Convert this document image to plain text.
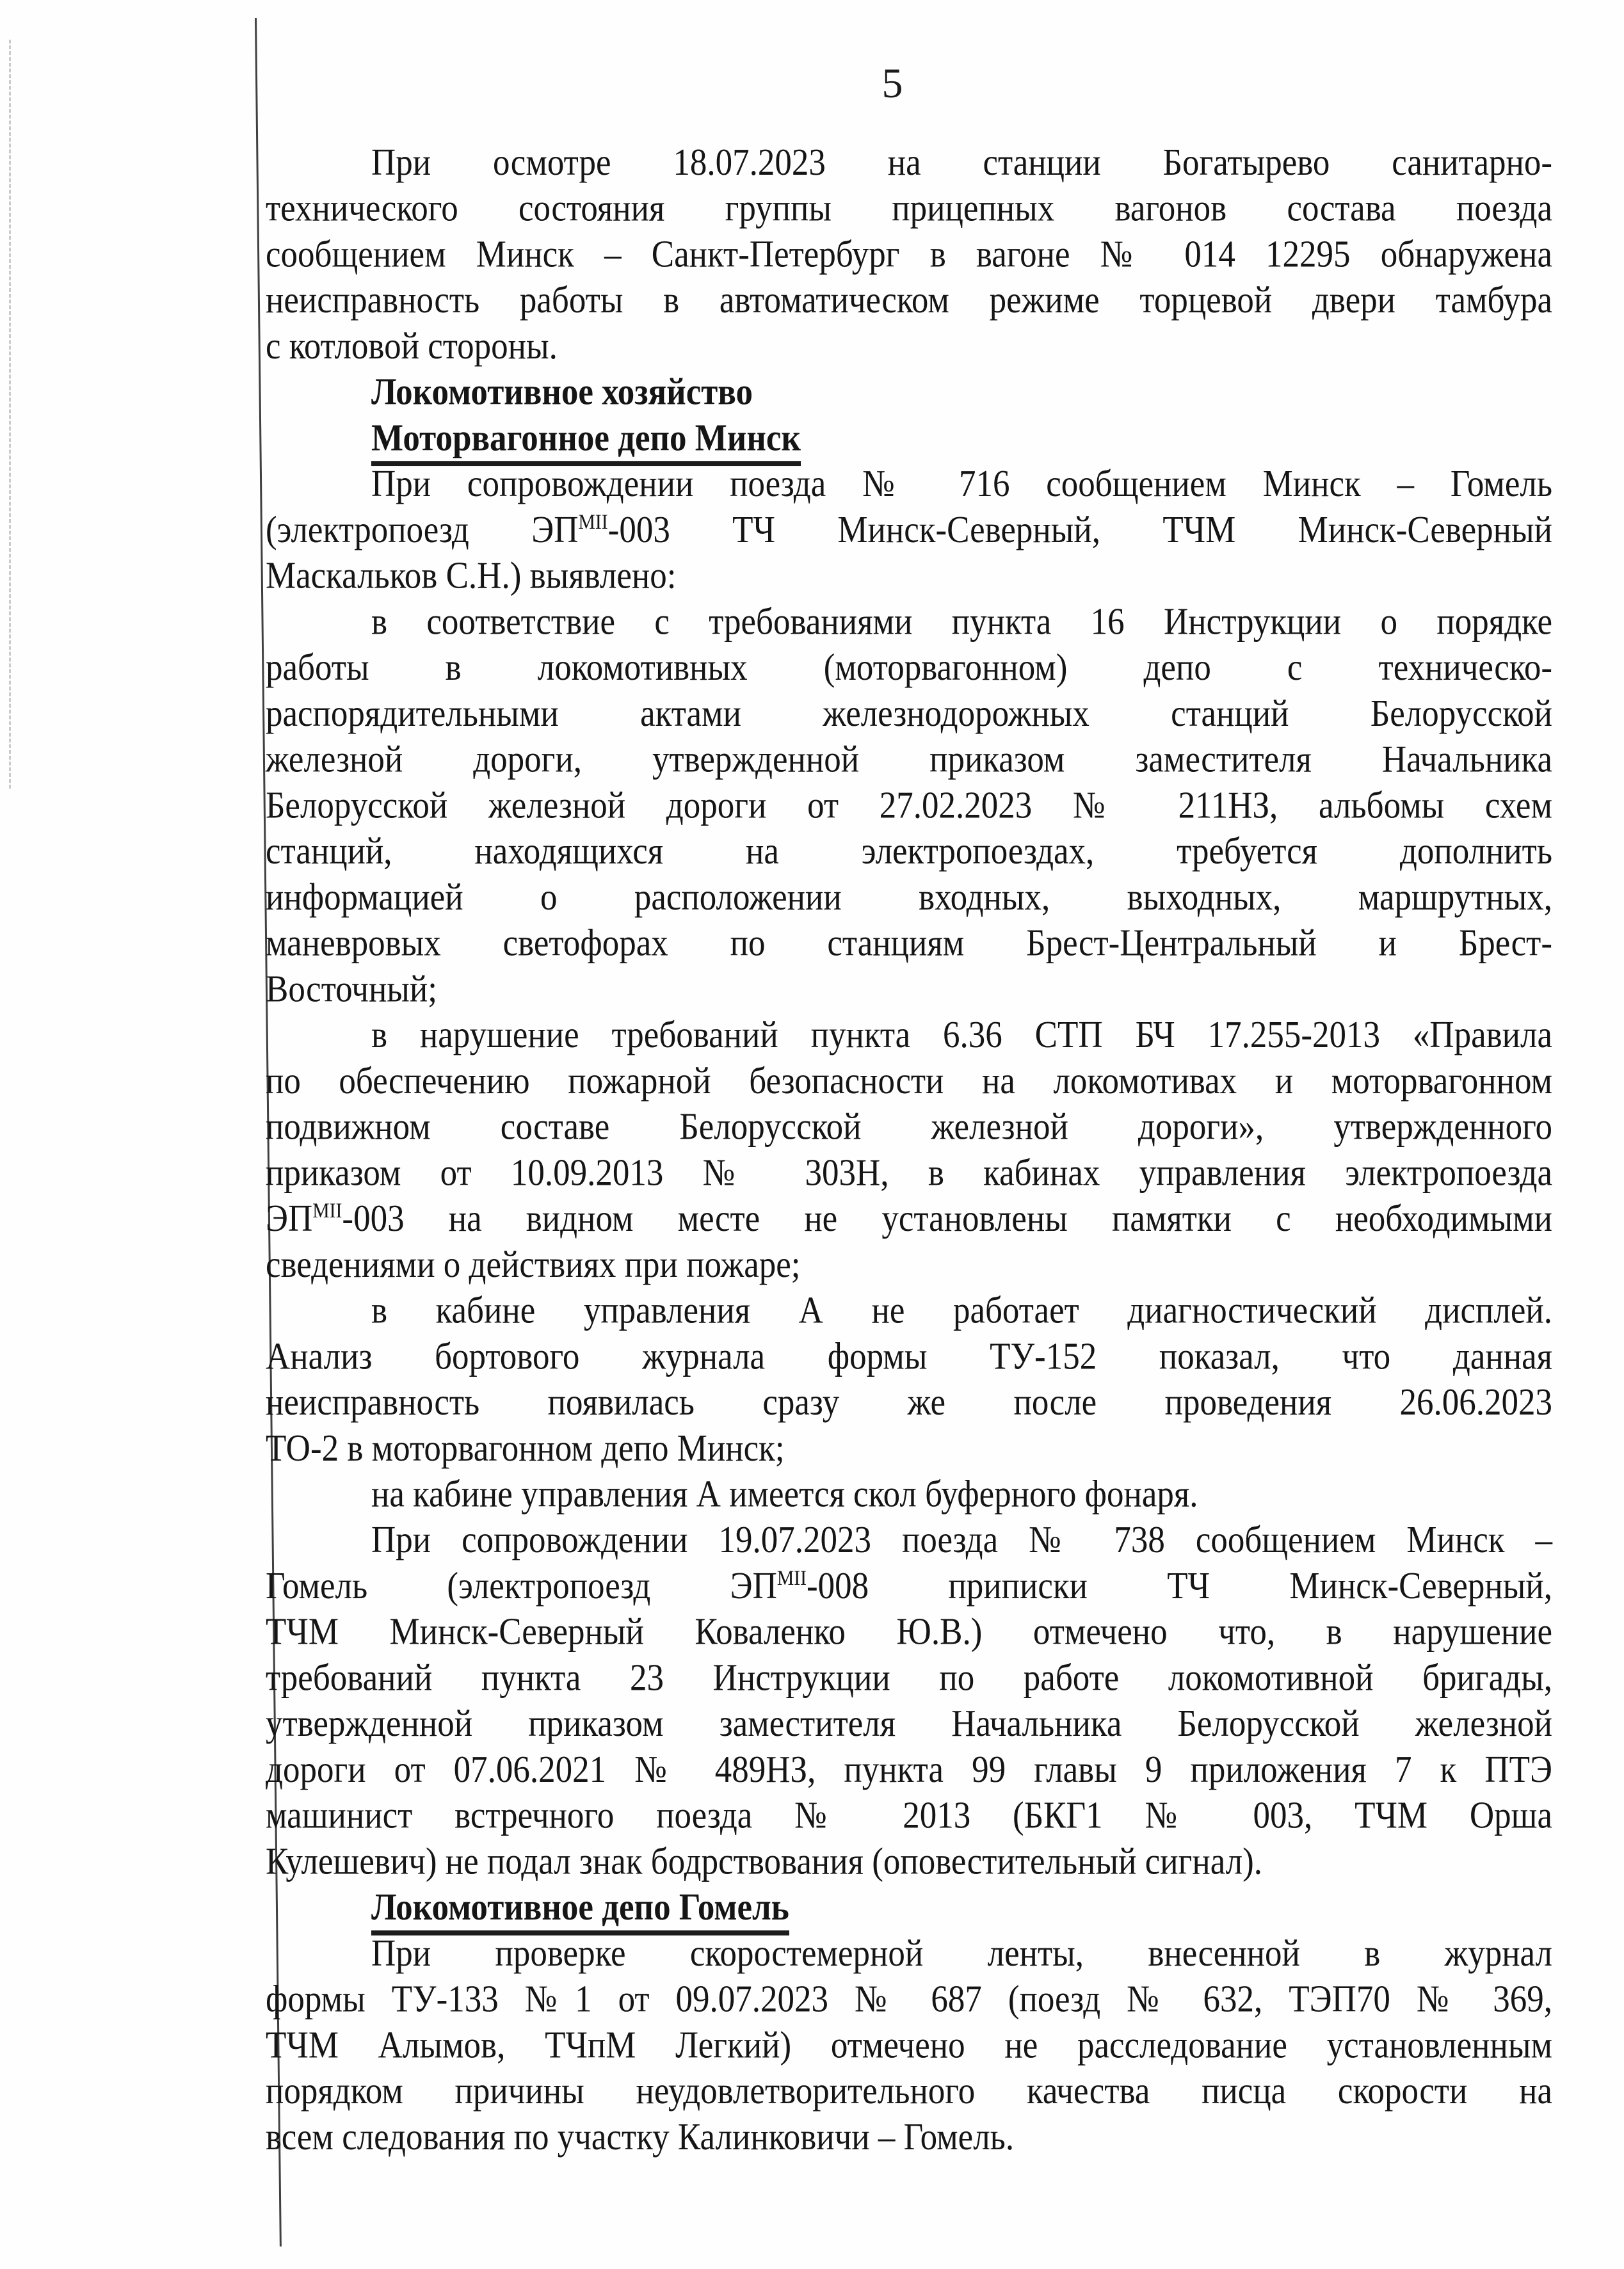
5
При осмотре 18.07.2023 на станции Богатырево санитарно-
технического состояния группы прицепных вагонов состава поезда
сообщением Минск – Санкт-Петербург в вагоне № 014 12295 обнаружена
неисправность работы в автоматическом режиме торцевой двери тамбура
с котловой стороны.
Локомотивное хозяйство
Моторвагонное депо Минск
При сопровождении поезда № 716 сообщением Минск – Гомель
(электропоезд $ЭП^{МII}-003$ ТЧ Минск-Северный, ТЧМ Минск-Северный
Маскальков С.Н.) выявлено:
в соответствие с требованиями пункта 16 Инструкции о порядке
работы в локомотивных (моторвагонном) депо с техническо-
распорядительными актами железнодорожных станций Белорусской
железной дороги, утвержденной приказом заместителя Начальника
Белорусской железной дороги от 27.02.2023 № 211НЗ, альбомы схем
станций, находящихся на электропоездах, требуется дополнить
информацией о расположении входных, выходных, маршрутных,
маневровых светофорах по станциям Брест-Центральный и Брест-
Восточный;
в нарушение требований пункта 6.36 СТП БЧ 17.255-2013 «Правила
по обеспечению пожарной безопасности на локомотивах и моторвагонном
подвижном составе Белорусской железной дороги», утвержденного
приказом от 10.09.2013 № 303Н, в кабинах управления электропоезда
$ЭП^{МII}-003$ на видном месте не установлены памятки с необходимыми
сведениями о действиях при пожаре;
в кабине управления А не работает диагностический дисплей.
Анализ бортового журнала формы ТУ-152 показал, что данная
неисправность появилась сразу же после проведения 26.06.2023
ТО-2 в моторвагонном депо Минск;
на кабине управления А имеется скол буферного фонаря.
При сопровождении 19.07.2023 поезда № 738 сообщением Минск –
Гомель (электропоезд $ЭП^{МII}-008$ приписки ТЧ Минск-Северный,
ТЧМ Минск-Северный Коваленко Ю.В.) отмечено что, в нарушение
требований пункта 23 Инструкции по работе локомотивной бригады,
утвержденной приказом заместителя Начальника Белорусской железной
дороги от 07.06.2021 № 489НЗ, пункта 99 главы 9 приложения 7 к ПТЭ
машинист встречного поезда № 2013 (БКГ1 № 003, ТЧМ Орша
Кулешевич) не подал знак бодрствования (оповестительный сигнал).
Локомотивное депо Гомель
При проверке скоростемерной ленты, внесенной в журнал
формы ТУ-133 №1 от 09.07.2023 № 687 (поезд № 632, ТЭП70 № 369,
ТЧМ Алымов, ТЧпМ Легкий) отмечено не расследование установленным
порядком причины неудовлетворительного качества писца скорости на
всем следования по участку Калинковичи – Гомель.
